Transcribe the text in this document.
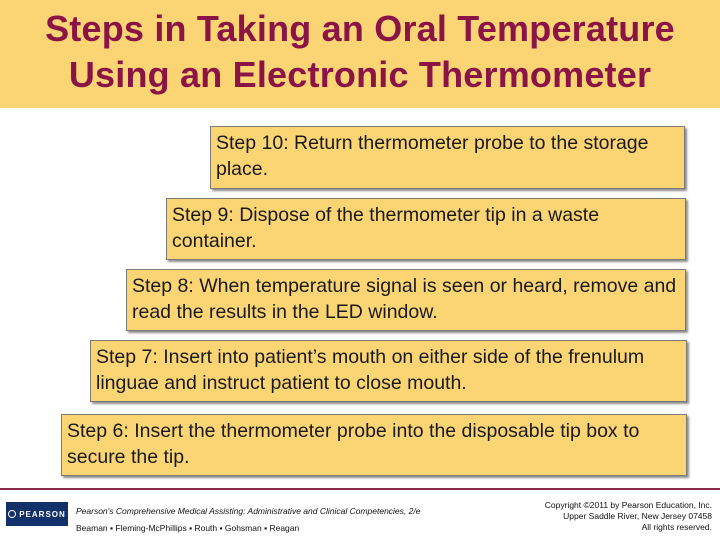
Steps in Taking an Oral Temperature
Using an Electronic Thermometer
Step 10: Return thermometer probe to the storage place.
Step 9: Dispose of the thermometer tip in a waste container.
Step 8: When temperature signal is seen or heard, remove and read the results in the LED window.
Step 7: Insert into patient’s mouth on either side of the frenulum linguae and instruct patient to close mouth.
Step 6: Insert the thermometer probe into the disposable tip box to secure the tip.
PEARSON Pearson's Comprehensive Medical Assisting: Administrative and Clinical Competencies, 2/e
Beaman ▪ Fleming-McPhillips ▪ Routh ▪ Gohsman ▪ Reagan
Copyright ©2011 by Pearson Education, Inc.
Upper Saddle River, New Jersey 07458
All rights reserved.
